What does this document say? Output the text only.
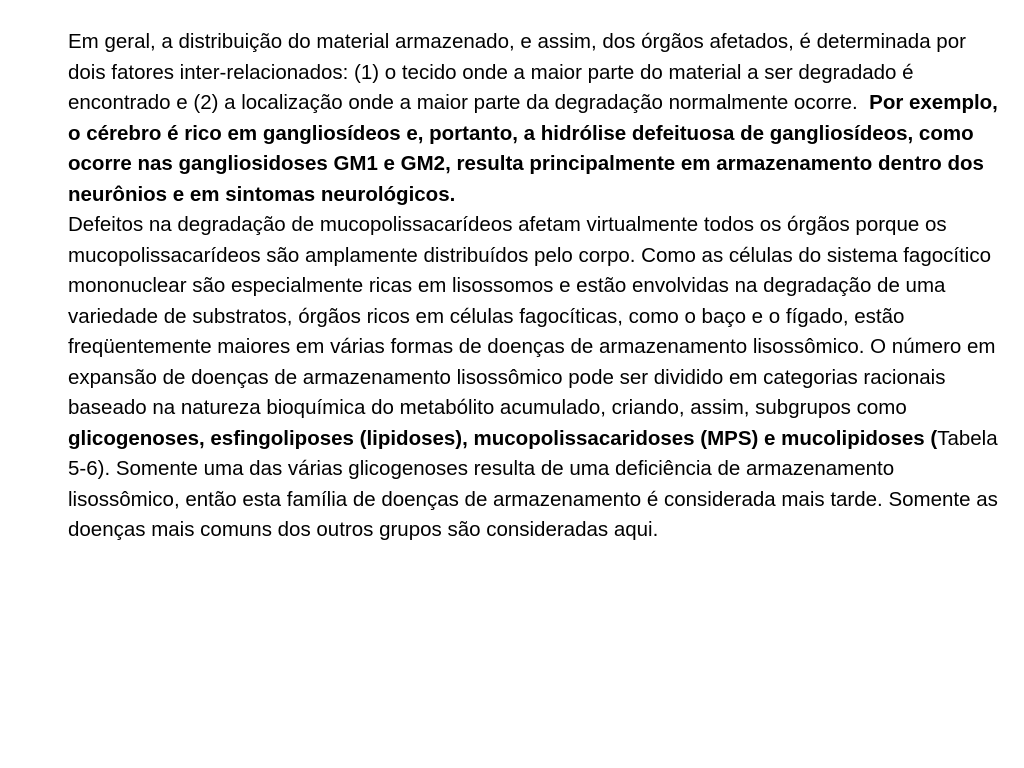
Em geral, a distribuição do material armazenado, e assim, dos órgãos afetados, é determinada por dois fatores inter-relacionados: (1) o tecido onde a maior parte do material a ser degradado é encontrado e (2) a localização onde a maior parte da degradação normalmente ocorre. Por exemplo, o cérebro é rico em gangliosídeos e, portanto, a hidrólise defeituosa de gangliosídeos, como ocorre nas gangliosidoses GM1 e GM2, resulta principalmente em armazenamento dentro dos neurônios e em sintomas neurológicos.
Defeitos na degradação de mucopolissacarídeos afetam virtualmente todos os órgãos porque os mucopolissacarídeos são amplamente distribuídos pelo corpo. Como as células do sistema fagocítico mononuclear são especialmente ricas em lisossomos e estão envolvidas na degradação de uma variedade de substratos, órgãos ricos em células fagocíticas, como o baço e o fígado, estão freqüentemente maiores em várias formas de doenças de armazenamento lisossômico. O número em expansão de doenças de armazenamento lisossômico pode ser dividido em categorias racionais baseado na natureza bioquímica do metabólito acumulado, criando, assim, subgrupos como
glicogenoses, esfingoliposes (lipidoses), mucopolissacaridoses (MPS) e mucolipidoses (Tabela 5-6). Somente uma das várias glicogenoses resulta de uma deficiência de armazenamento lisossômico, então esta família de doenças de armazenamento é considerada mais tarde. Somente as doenças mais comuns dos outros grupos são consideradas aqui.
